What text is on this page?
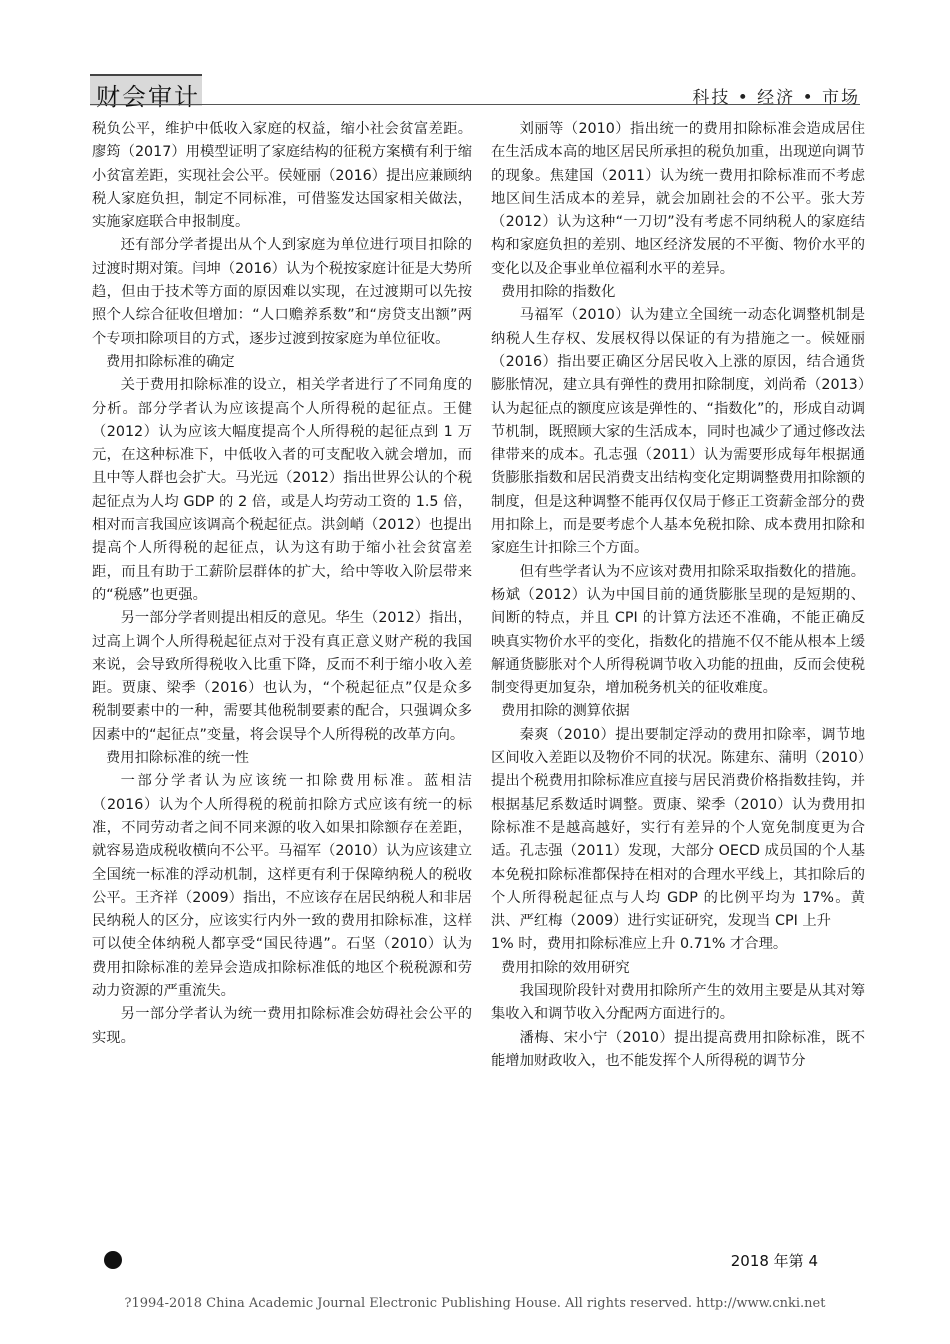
财会审计	科技 • 经济 • 市场

税负公平，维护中低收入家庭的权益，缩小社会贫富差距。廖筠（2017）用模型证明了家庭结构的征税方案横有利于缩小贫富差距，实现社会公平。侯娅丽（2016）提出应兼顾纳税人家庭负担，制定不同标准，可借鉴发达国家相关做法，实施家庭联合申报制度。

还有部分学者提出从个人到家庭为单位进行项目扣除的过渡时期对策。闫坤（2016）认为个税按家庭计征是大势所趋，但由于技术等方面的原因难以实现，在过渡期可以先按照个人综合征收但增加：“人口赡养系数”和“房贷支出额”两个专项扣除项目的方式，逐步过渡到按家庭为单位征收。

费用扣除标准的确定

关于费用扣除标准的设立，相关学者进行了不同角度的分析。部分学者认为应该提高个人所得税的起征点。王健（2012）认为应该大幅度提高个人所得税的起征点到 1 万元，在这种标准下，中低收入者的可支配收入就会增加，而且中等人群也会扩大。马光远（2012）指出世界公认的个税起征点为人均 GDP 的 2 倍，或是人均劳动工资的 1.5 倍，相对而言我国应该调高个税起征点。洪剑峭（2012）也提出提高个人所得税的起征点，认为这有助于缩小社会贫富差距，而且有助于工薪阶层群体的扩大，给中等收入阶层带来的“税感”也更强。

另一部分学者则提出相反的意见。华生（2012）指出，过高上调个人所得税起征点对于没有真正意义财产税的我国来说，会导致所得税收入比重下降，反而不利于缩小收入差距。贾康、梁季（2016）也认为，“个税起征点”仅是众多税制要素中的一种，需要其他税制要素的配合，只强调众多因素中的“起征点”变量，将会误导个人所得税的改革方向。

费用扣除标准的统一性

一部分学者认为应该统一扣除费用标准。蓝相洁（2016）认为个人所得税的税前扣除方式应该有统一的标准，不同劳动者之间不同来源的收入如果扣除额存在差距，就容易造成税收横向不公平。马福军（2010）认为应该建立全国统一标准的浮动机制，这样更有利于保障纳税人的税收公平。王齐祥（2009）指出，不应该存在居民纳税人和非居民纳税人的区分，应该实行内外一致的费用扣除标准，这样可以使全体纳税人都享受“国民待遇”。石坚（2010）认为费用扣除标准的差异会造成扣除标准低的地区个税税源和劳动力资源的严重流失。

另一部分学者认为统一费用扣除标准会妨碍社会公平的实现。

刘丽等（2010）指出统一的费用扣除标准会造成居住在生活成本高的地区居民所承担的税负加重，出现逆向调节的现象。焦建国（2011）认为统一费用扣除标准而不考虑地区间生活成本的差异，就会加剧社会的不公平。张大芳（2012）认为这种“一刀切”没有考虑不同纳税人的家庭结构和家庭负担的差别、地区经济发展的不平衡、物价水平的变化以及企事业单位福利水平的差异。

费用扣除的指数化

马福军（2010）认为建立全国统一动态化调整机制是纳税人生存权、发展权得以保证的有为措施之一。候娅丽（2016）指出要正确区分居民收入上涨的原因，结合通货膨胀情况，建立具有弹性的费用扣除制度，刘尚希（2013）认为起征点的额度应该是弹性的、“指数化”的，形成自动调节机制，既照顾大家的生活成本，同时也减少了通过修改法律带来的成本。孔志强（2011）认为需要形成每年根据通货膨胀指数和居民消费支出结构变化定期调整费用扣除额的制度，但是这种调整不能再仅仅局于修正工资薪金部分的费用扣除上，而是要考虑个人基本免税扣除、成本费用扣除和家庭生计扣除三个方面。

但有些学者认为不应该对费用扣除采取指数化的措施。杨斌（2012）认为中国目前的通货膨胀呈现的是短期的、间断的特点，并且 CPI 的计算方法还不准确，不能正确反映真实物价水平的变化，指数化的措施不仅不能从根本上缓解通货膨胀对个人所得税调节收入功能的扭曲，反而会使税制变得更加复杂，增加税务机关的征收难度。

费用扣除的测算依据

秦爽（2010）提出要制定浮动的费用扣除率，调节地区间收入差距以及物价不同的状况。陈建东、蒲明（2010）提出个税费用扣除标准应直接与居民消费价格指数挂钩，并根据基尼系数适时调整。贾康、梁季（2010）认为费用扣除标准不是越高越好，实行有差异的个人宽免制度更为合适。孔志强（2011）发现，大部分 OECD 成员国的个人基本免税扣除标准都保持在相对的合理水平线上，其扣除后的个人所得税起征点与人均 GDP 的比例平均为 17%。黄洪、严红梅（2009）进行实证研究，发现当 CPI 上升

1% 时，费用扣除标准应上升 0.71% 才合理。

费用扣除的效用研究

我国现阶段针对费用扣除所产生的效用主要是从其对筹集收入和调节收入分配两方面进行的。

潘梅、宋小宁（2010）提出提高费用扣除标准，既不能增加财政收入，也不能发挥个人所得税的调节分

2018 年第 4
?1994-2018 China Academic Journal Electronic Publishing House. All rights reserved. http://www.cnki.net
